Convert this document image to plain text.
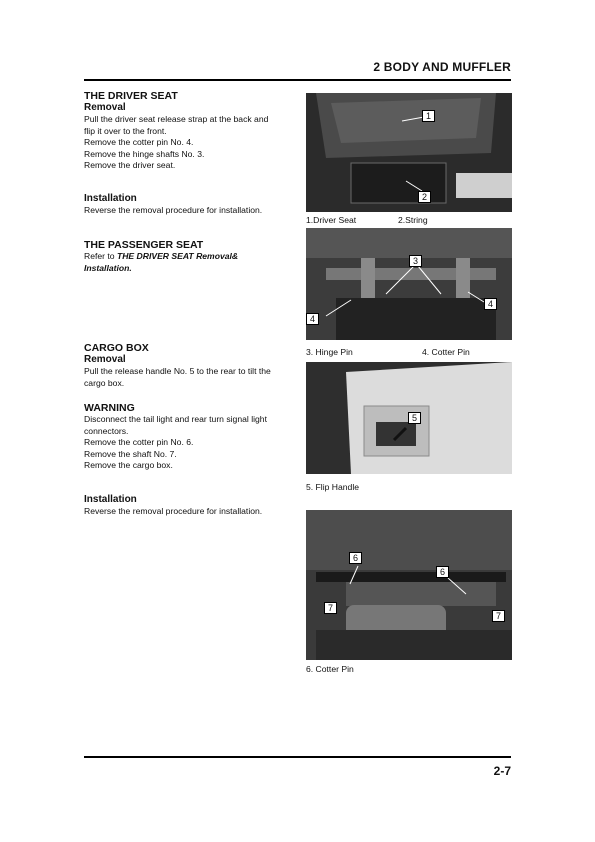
2 BODY AND MUFFLER

THE DRIVER SEAT

Removal

Pull the driver seat release strap at the back and

flip it over to the front.

Remove the cotter pin No. 4.

Remove the hinge shafts No. 3.

Remove the driver seat.

Installation

Reverse the removal procedure for installation.

THE PASSENGER SEAT

Refer to THE DRIVER SEAT Removal&

Installation.

CARGO BOX

Removal

Pull the release handle No. 5 to the rear to tilt the

cargo box.

WARNING

Disconnect the tail light and rear turn signal light

connectors.

Remove the cotter pin No. 6.

Remove the shaft No. 7.

Remove the cargo box.

Installation

Reverse the removal procedure for installation.

1
2
1.Driver Seat	2.String
3
4
4
3. Hinge Pin	4. Cotter Pin
5
5. Flip Handle
6
6
7
7
6. Cotter Pin
2-7
